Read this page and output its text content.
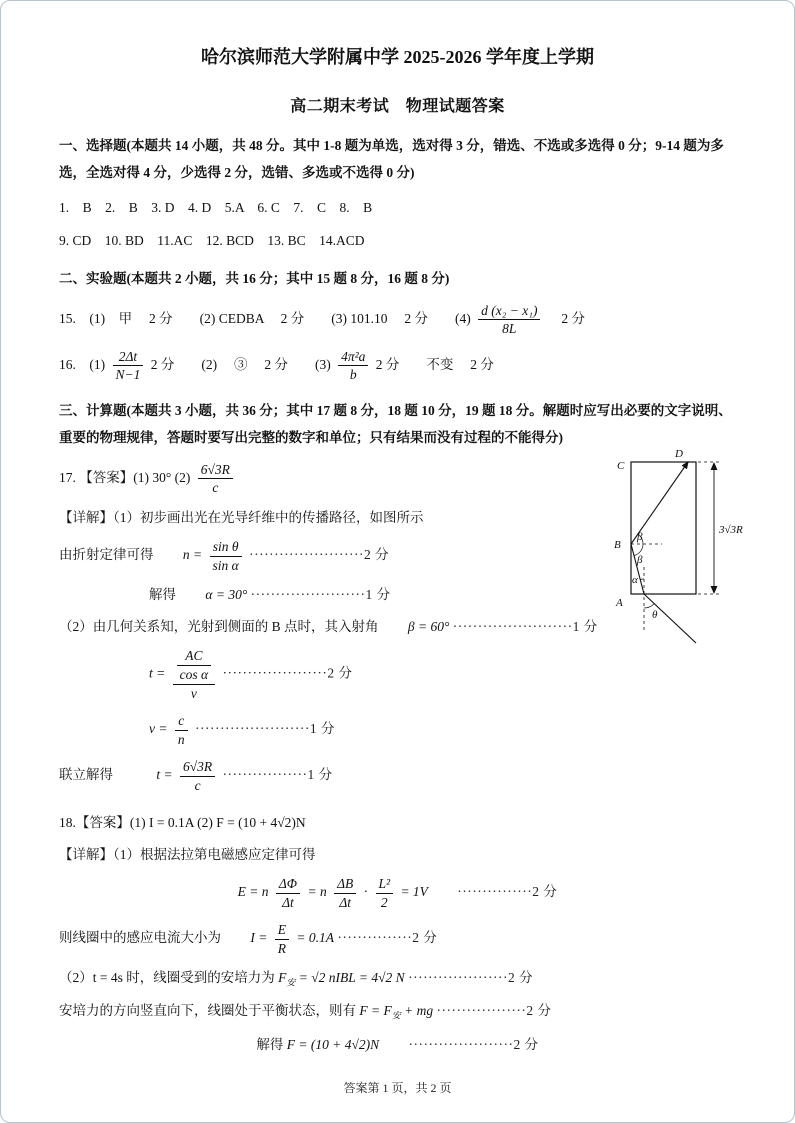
哈尔滨师范大学附属中学 2025-2026 学年度上学期
高二期末考试　物理试题答案

一、选择题(本题共 14 小题，共 48 分。其中 1-8 题为单选，选对得 3 分，错选、不选或多选得 0 分；9-14 题为多选，全选对得 4 分，少选得 2 分，选错、多选或不选得 0 分)

1.　B　2.　B　3. D　4. D　5.A　6. C　7.　C　8.　B

9. CD　10. BD　11.AC　12. BCD　13. BC　14.ACD

二、实验题(本题共 2 小题，共 16 分；其中 15 题 8 分，16 题 8 分)

15.　(1)　甲　 2 分　　(2) CEDBA　 2 分　　(3) 101.10　 2 分　　$(4) \frac{\text{d (x₂ − x₁)}}{8L}$ 　2 分

16.　$(1) \frac{2\Delta t}{N-1} 2$ 分　　(2)　 ③ 　2 分　　$(3) \frac{\text{4π²a}}{b} 2$ 分　　不变　 2 分

三、计算题(本题共 3 小题，共 36 分；其中 17 题 8 分，18 题 10 分，19 题 18 分。解题时应写出必要的文字说明、重要的物理规律，答题时要写出完整的数字和单位；只有结果而没有过程的不能得分)

17. 【答案】(1) 30° $(2) \frac{6√3R}{c}$

【详解】（1）初步画出光在光导纤维中的传播路径，如图所示

由折射定律可得 $n = \frac{\text{sin θ}}{\text{sin α}} \cdot\cdot\cdot\cdot\cdot\cdot\cdot\cdot\cdot\cdot\cdot\cdot\cdot\cdot\cdot\cdot\cdot\cdot\cdot\cdot\cdot\cdot\cdot 2$ 分

解得 α = 30° ·······················1 分

（2）由几何关系知，光射到侧面的 B 点时，其入射角 β = 60° ························1 分

$t = \frac{\frac{AC}{\text{cos α}}}{v} \cdot\cdot\cdot\cdot\cdot\cdot\cdot\cdot\cdot\cdot\cdot\cdot\cdot\cdot\cdot\cdot\cdot\cdot\cdot\cdot\cdot 2$ 分

$v = \frac{c}{n} \cdot\cdot\cdot\cdot\cdot\cdot\cdot\cdot\cdot\cdot\cdot\cdot\cdot\cdot\cdot\cdot\cdot\cdot\cdot\cdot\cdot\cdot\cdot 1$ 分

联立解得	$t = \frac{6√3R}{c} \cdot\cdot\cdot\cdot\cdot\cdot\cdot\cdot\cdot\cdot\cdot\cdot\cdot\cdot\cdot\cdot\cdot 1$ 分

18.【答案】(1) I = 0.1A (2) F = (10 + 4√2)N

【详解】（1）根据法拉第电磁感应定律可得

E = n $\frac{\Delta\Phi}{\Delta t} = n \frac{\Delta B}{\Delta t} \cdot \frac{\text{L²}}{2} = 1V \cdot\cdot\cdot\cdot\cdot\cdot\cdot\cdot\cdot\cdot\cdot\cdot\cdot\cdot\cdot 2$ 分

则线圈中的感应电流大小为 $I = \frac{E}{R} = 0.1A \cdot\cdot\cdot\cdot\cdot\cdot\cdot\cdot\cdot\cdot\cdot\cdot\cdot\cdot\cdot 2$ 分

（2）t = 4s 时，线圈受到的安培力为 $F_安 = √2$ nIBL = 4√2 N ····················2 分

安培力的方向竖直向下，线圈处于平衡状态，则有 $F = F_安$ + mg ··················2 分

解得 F = (10 + 4√2)N ·····················2 分

C
D
B
A
β
β
α
θ
3√3R
答案第 1 页，共 2 页
